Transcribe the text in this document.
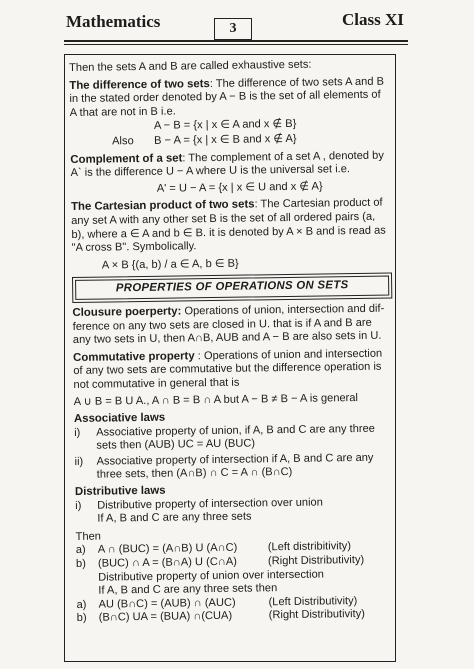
Mathematics	3	Class XI

Then the sets A and B are called exhaustive sets:

The difference of two sets: The difference of two sets A and B

in the stated order denoted by A − B is the set of all elements of

A that are not in B i.e.

A − B = {x | x ∈ A and x ∉ B}
Also	B − A = {x | x ∈ B and x ∉ A}

Complement of a set: The complement of a set A , denoted by

A` is the difference U − A where U is the universal set i.e.

A' = U − A = {x | x ∈ U and x ∉ A}

The Cartesian product of two sets: The Cartesian product of

any set A with any other set B is the set of all ordered pairs (a,

b), where a ∈ A and b ∈ B. it is denoted by A × B and is read as

"A cross B". Symbolically.

A × B {(a, b) / a ∈ A, b ∈ B}

PROPERTIES OF OPERATIONS ON SETS

Clousure poerperty: Operations of union, intersection and dif-

ference on any two sets are closed in U. that is if A and B are

any two sets in U, then A∩B, AUB and A − B are also sets in U.

Commutative property : Operations of union and intersection

of any two sets are commutative but the difference operation is

not commutative in general that is

A ∪ B = B U A., A ∩ B = B ∩ A but A − B ≠ B − A is general

Associative laws

i)	Associative property of union, if A, B and C are any three

sets then (AUB) UC = AU (BUC)

ii)	Associative property of intersection if A, B and C are any

three sets, then (A∩B) ∩ C = A ∩ (B∩C)

Distributive laws

i)	Distributive property of intersection over union

If A, B and C are any three sets

Then

a)	A ∩ (BUC) = (A∩B) U (A∩C)	(Left distribitivity)
b)	(BUC) ∩ A = (B∩A) U (C∩A)	(Right Distributivity)

Distributive property of union over intersection

If A, B and C are any three sets then

a)	AU (B∩C) = (AUB) ∩ (AUC)	(Left Distributivity)
b)	(B∩C) UA = (BUA) ∩(CUA)	(Right Distributivity)
